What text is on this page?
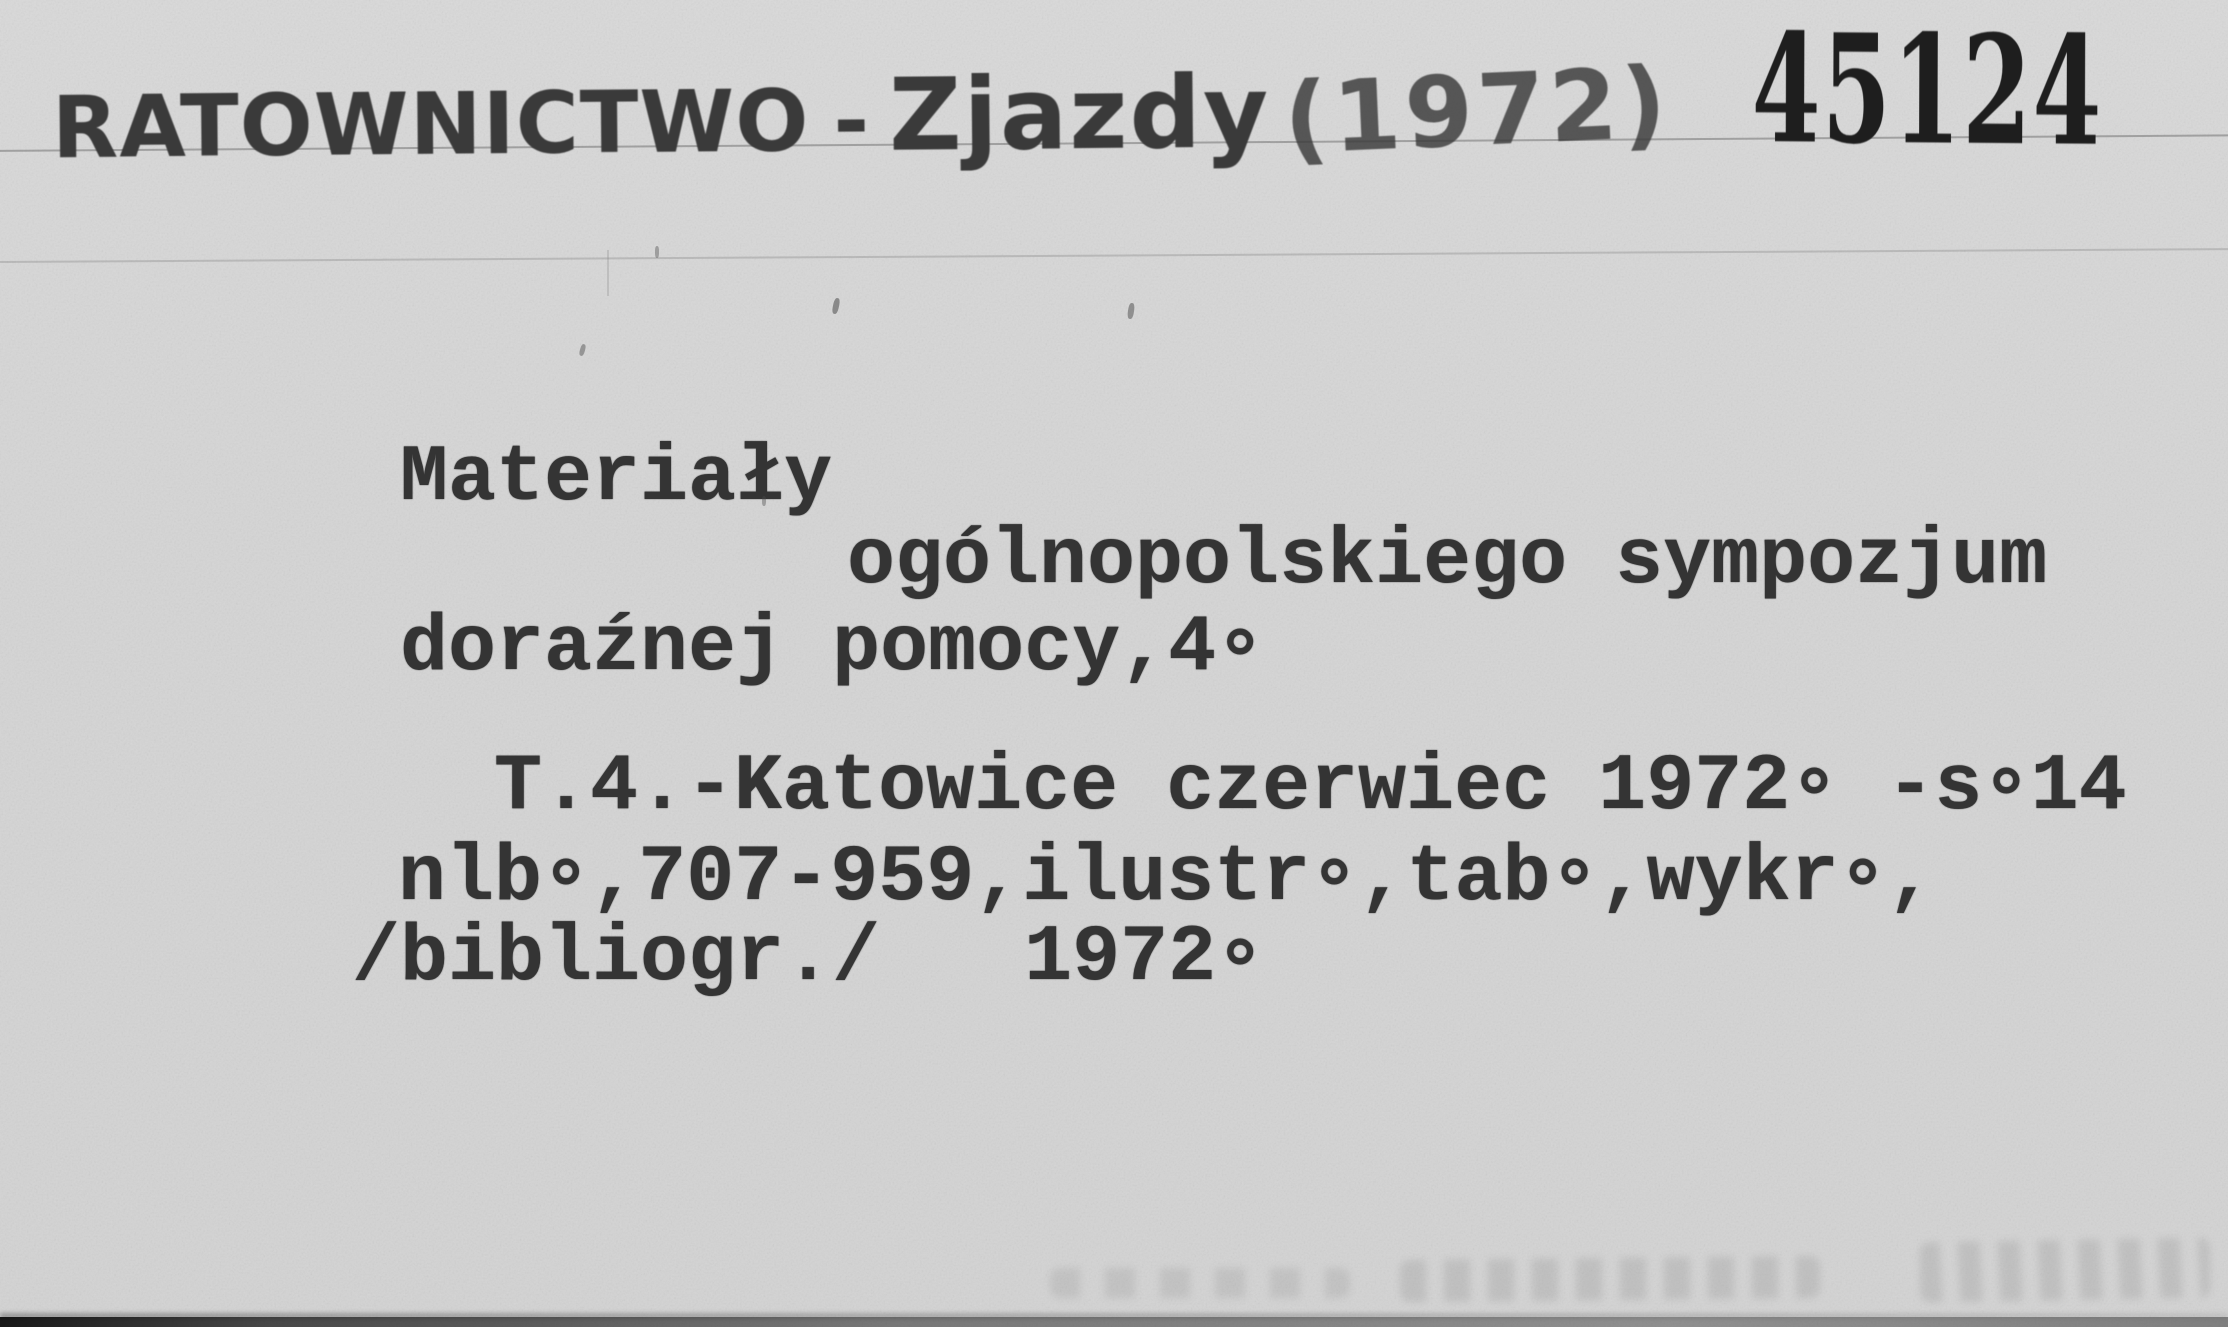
RATOWNICTWO - Zjazdy (1972) 45124
Materiały
ogólnopolskiego sympozjum
doraźnej pomocy,4∘
T.4.-Katowice czerwiec 1972∘ -s∘14
nlb∘,707-959,ilustr∘,tab∘,wykr∘,
/bibliogr./   1972∘
